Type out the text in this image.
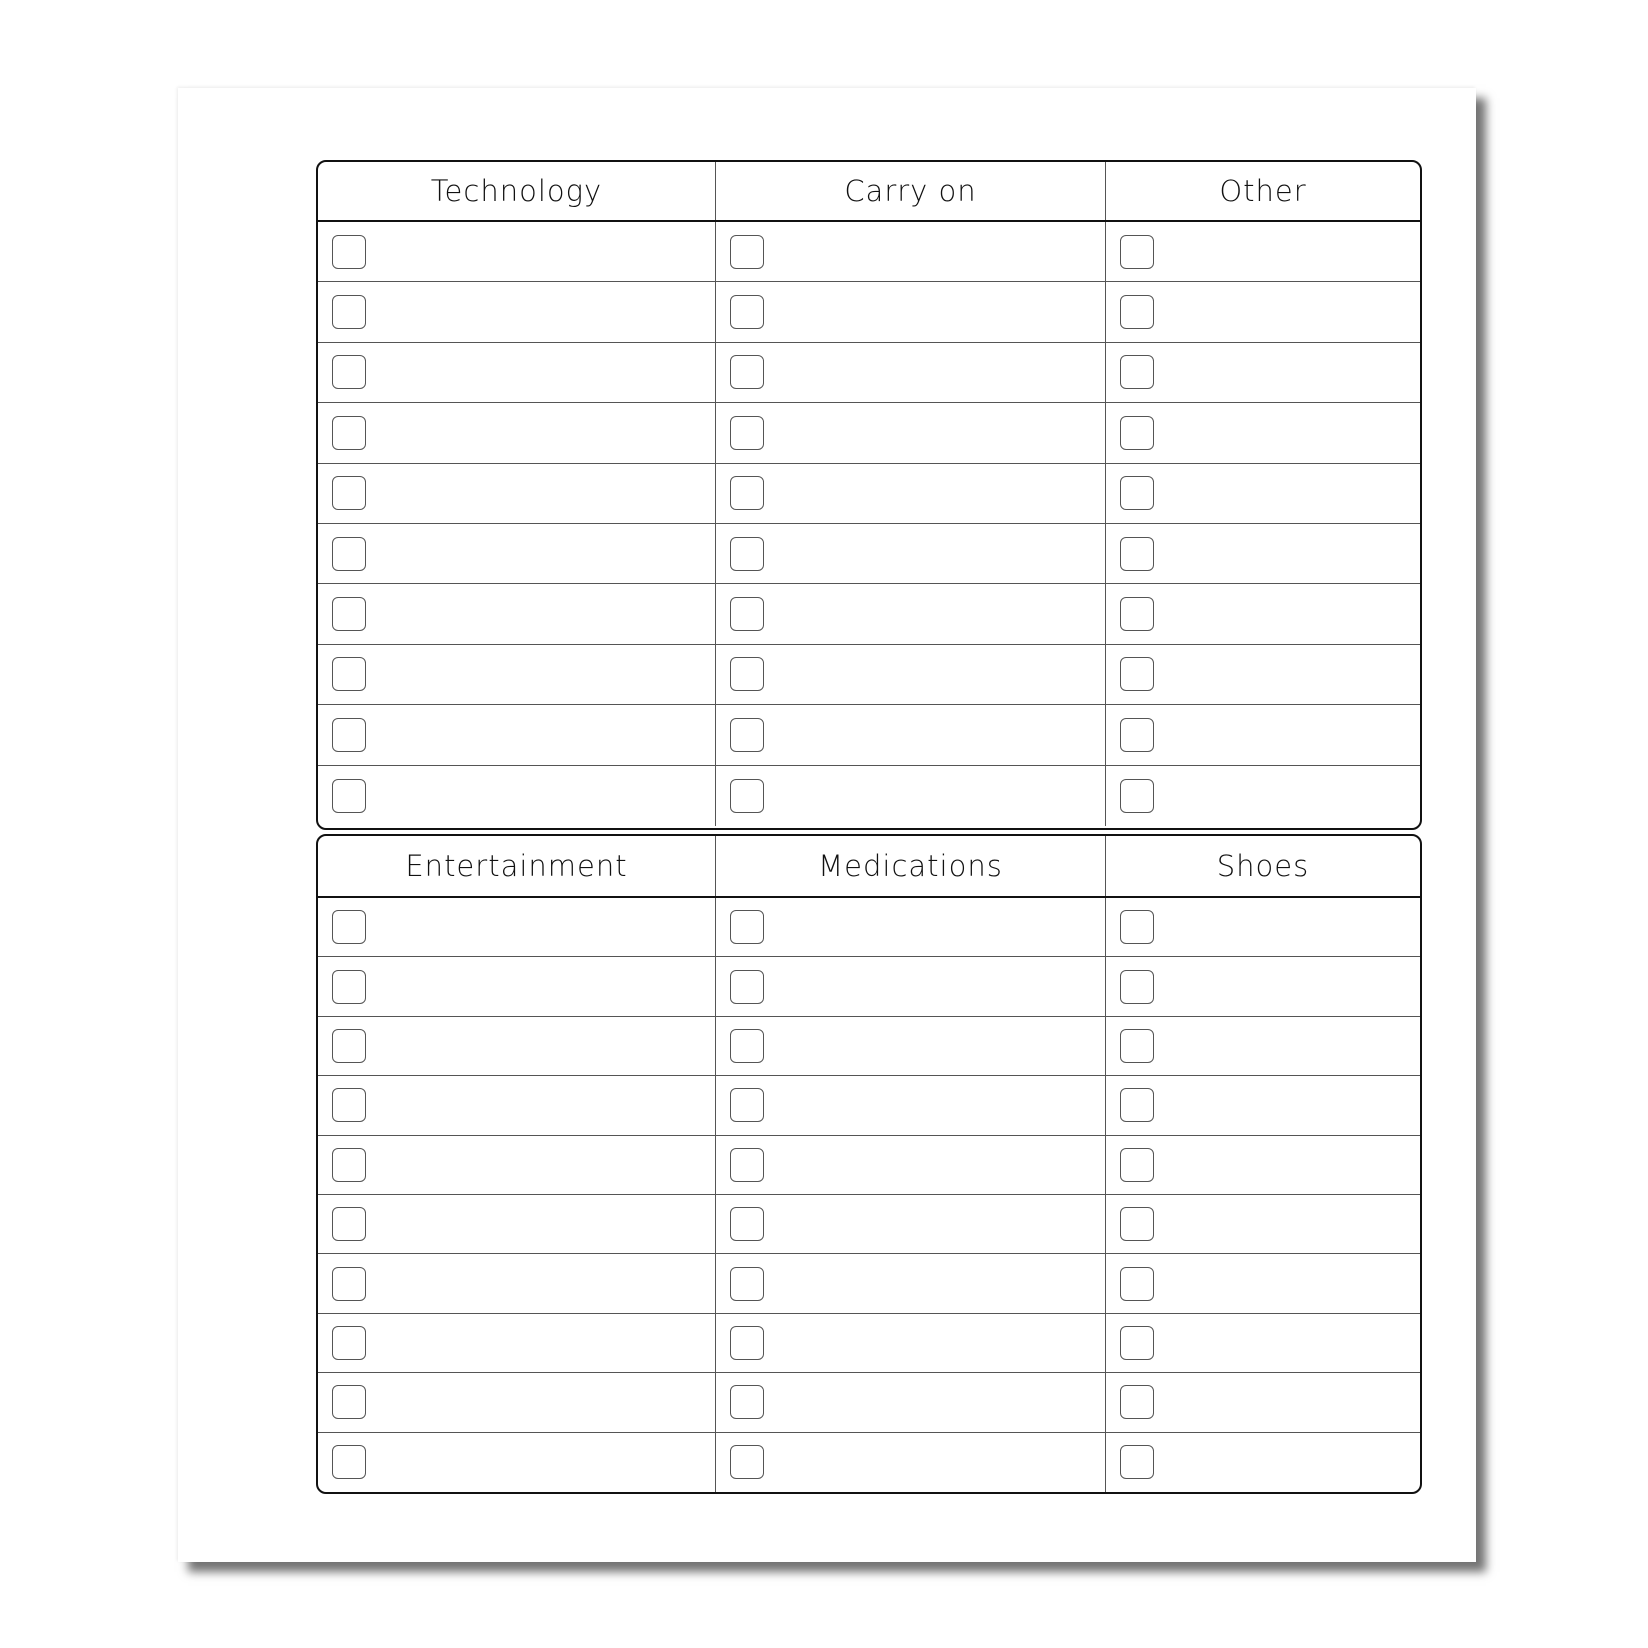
Technology	Carry on	Other
Entertainment	Medications	Shoes
